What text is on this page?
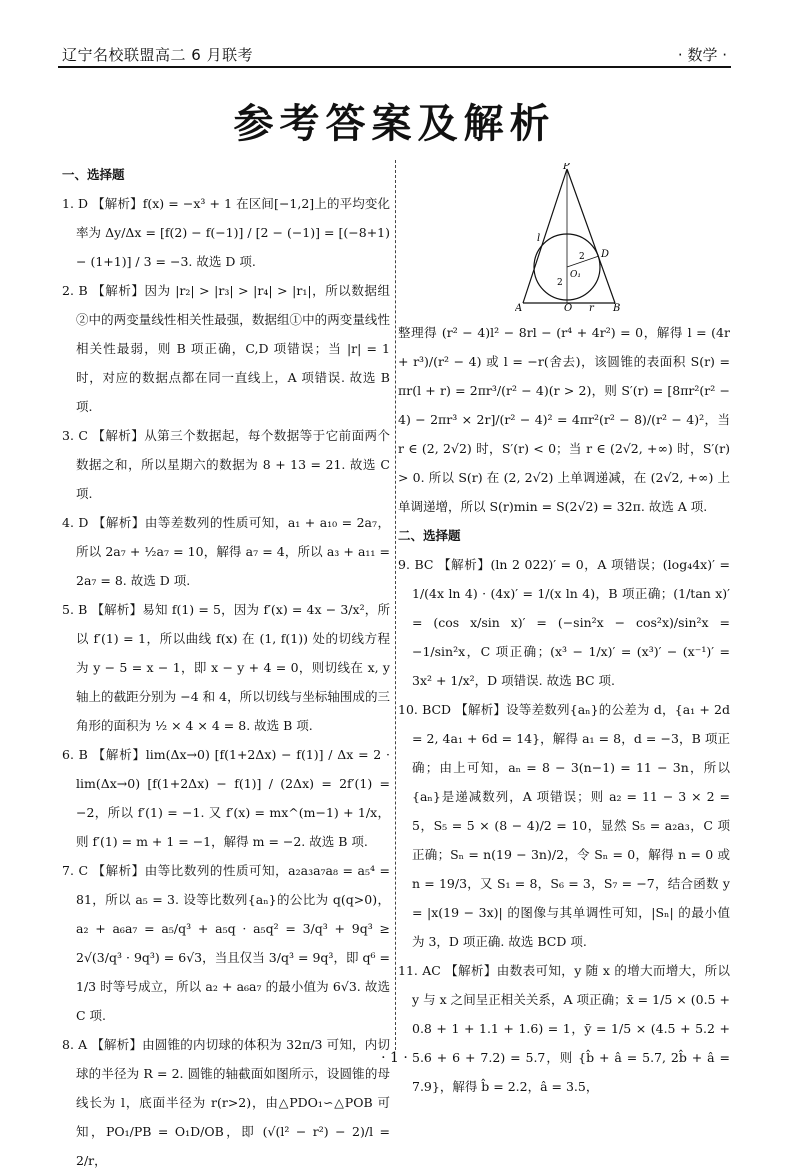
辽宁名校联盟高二 6 月联考	· 数学 ·
参考答案及解析
一、选择题

1. D 【解析】f(x) = −x³ + 1 在区间[−1,2]上的平均变化率为 Δy/Δx = [f(2) − f(−1)] / [2 − (−1)] = [(−8+1) − (1+1)] / 3 = −3. 故选 D 项.

2. B 【解析】因为 |r₂| > |r₃| > |r₄| > |r₁|，所以数据组②中的两变量线性相关性最强，数据组①中的两变量线性相关性最弱，则 B 项正确，C,D 项错误；当 |r| = 1 时，对应的数据点都在同一直线上，A 项错误. 故选 B 项.

3. C 【解析】从第三个数据起，每个数据等于它前面两个数据之和，所以星期六的数据为 8 + 13 = 21. 故选 C 项.

4. D 【解析】由等差数列的性质可知，a₁ + a₁₀ = 2a₇，所以 2a₇ + ½a₇ = 10，解得 a₇ = 4，所以 a₃ + a₁₁ = 2a₇ = 8. 故选 D 项.

5. B 【解析】易知 f(1) = 5，因为 f′(x) = 4x − 3/x²，所以 f′(1) = 1，所以曲线 f(x) 在 (1, f(1)) 处的切线方程为 y − 5 = x − 1，即 x − y + 4 = 0，则切线在 x, y 轴上的截距分别为 −4 和 4，所以切线与坐标轴围成的三角形的面积为 ½ × 4 × 4 = 8. 故选 B 项.

6. B 【解析】lim(Δx→0) [f(1+2Δx) − f(1)] / Δx = 2 · lim(Δx→0) [f(1+2Δx) − f(1)] / (2Δx) = 2f′(1) = −2，所以 f′(1) = −1. 又 f′(x) = mx^(m−1) + 1/x，则 f′(1) = m + 1 = −1，解得 m = −2. 故选 B 项.

7. C 【解析】由等比数列的性质可知，a₂a₃a₇a₈ = a₅⁴ = 81，所以 a₅ = 3. 设等比数列{aₙ}的公比为 q(q>0)，a₂ + a₆a₇ = a₅/q³ + a₅q · a₅q² = 3/q³ + 9q³ ≥ 2√(3/q³ · 9q³) = 6√3，当且仅当 3/q³ = 9q³，即 q⁶ = 1/3 时等号成立，所以 a₂ + a₆a₇ 的最小值为 6√3. 故选 C 项.

8. A 【解析】由圆锥的内切球的体积为 32π/3 可知，内切球的半径为 R = 2. 圆锥的轴截面如图所示，设圆锥的母线长为 l，底面半径为 r(r>2)，由△PDO₁∽△POB 可知，PO₁/PB = O₁D/OB，即 (√(l² − r²) − 2)/l = 2/r，

P
A	B
O
O₁
D
l
r
2
2

整理得 (r² − 4)l² − 8rl − (r⁴ + 4r²) = 0，解得 l = (4r + r³)/(r² − 4) 或 l = −r(舍去)，该圆锥的表面积 S(r) = πr(l + r) = 2πr³/(r² − 4)(r > 2)，则 S′(r) = [8πr²(r² − 4) − 2πr³ × 2r]/(r² − 4)² = 4πr²(r² − 8)/(r² − 4)²，当 r ∈ (2, 2√2) 时，S′(r) < 0；当 r ∈ (2√2, +∞) 时，S′(r) > 0. 所以 S(r) 在 (2, 2√2) 上单调递减，在 (2√2, +∞) 上单调递增，所以 S(r)min = S(2√2) = 32π. 故选 A 项.

二、选择题

9. BC 【解析】(ln 2 022)′ = 0，A 项错误；(log₄4x)′ = 1/(4x ln 4) · (4x)′ = 1/(x ln 4)，B 项正确；(1/tan x)′ = (cos x/sin x)′ = (−sin²x − cos²x)/sin²x = −1/sin²x，C 项正确；(x³ − 1/x)′ = (x³)′ − (x⁻¹)′ = 3x² + 1/x²，D 项错误. 故选 BC 项.

10. BCD 【解析】设等差数列{aₙ}的公差为 d，{a₁ + 2d = 2, 4a₁ + 6d = 14}，解得 a₁ = 8，d = −3，B 项正确；由上可知，aₙ = 8 − 3(n−1) = 11 − 3n，所以{aₙ}是递减数列，A 项错误；则 a₂ = 11 − 3 × 2 = 5，S₅ = 5 × (8 − 4)/2 = 10，显然 S₅ = a₂a₃，C 项正确；Sₙ = n(19 − 3n)/2，令 Sₙ = 0，解得 n = 0 或 n = 19/3，又 S₁ = 8，S₆ = 3，S₇ = −7，结合函数 y = |x(19 − 3x)| 的图像与其单调性可知，|Sₙ| 的最小值为 3，D 项正确. 故选 BCD 项.

11. AC 【解析】由数表可知，y 随 x 的增大而增大，所以 y 与 x 之间呈正相关关系，A 项正确；x̄ = 1/5 × (0.5 + 0.8 + 1 + 1.1 + 1.6) = 1，ȳ = 1/5 × (4.5 + 5.2 + 5.6 + 6 + 7.2) = 5.7，则 {b̂ + â = 5.7, 2b̂ + â = 7.9}，解得 b̂ = 2.2，â = 3.5，

· 1 ·
